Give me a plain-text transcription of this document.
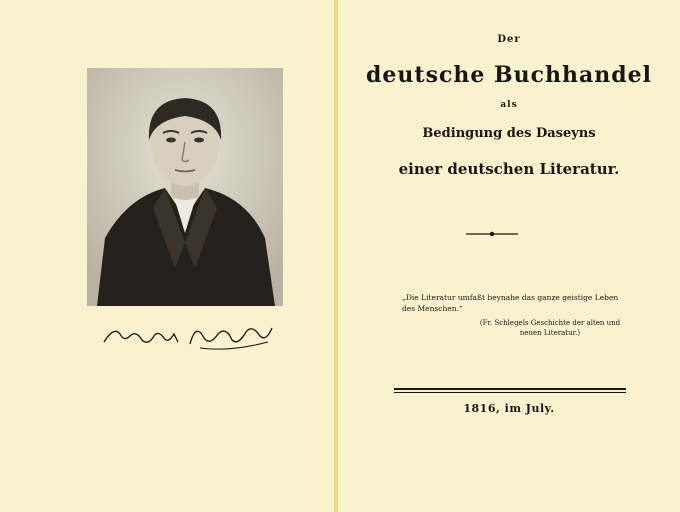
Der
deutsche Buchhandel
als
Bedingung des Daseyns
einer deutschen Literatur.
„Die Literatur umfaßt beynahe das ganze geistige Leben
des Menschen.“
(Fr. Schlegels Geschichte der alten und
neuen Literatur.)
1816, im July.
